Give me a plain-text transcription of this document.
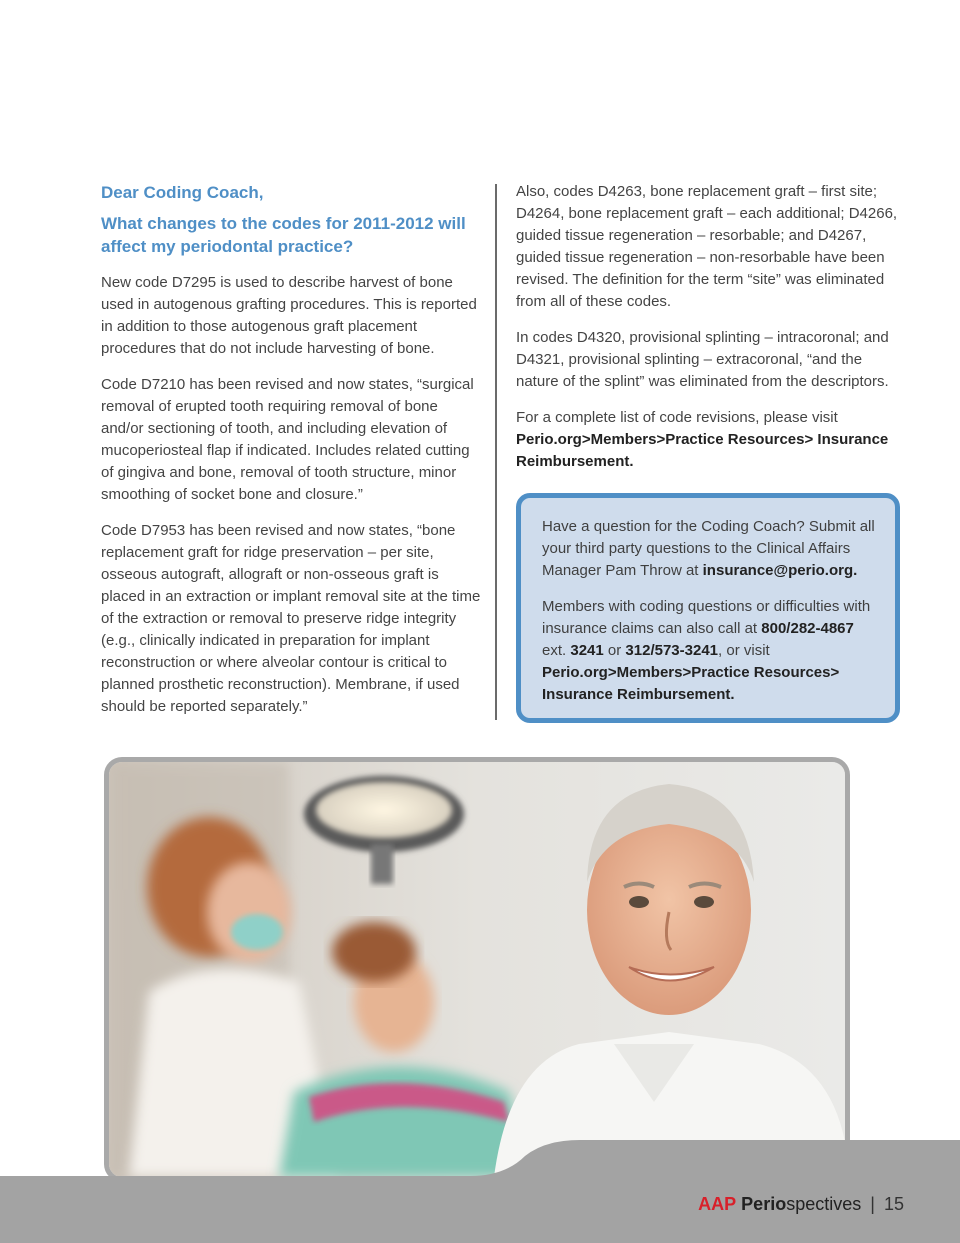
Dear Coding Coach,
What changes to the codes for 2011-2012 will affect my periodontal practice?

New code D7295 is used to describe harvest of bone used in autogenous grafting procedures. This is reported in addition to those autogenous graft placement procedures that do not include harvesting of bone.

Code D7210 has been revised and now states, “surgical removal of erupted tooth requiring removal of bone and/or sectioning of tooth, and including elevation of mucoperiosteal flap if indicated. Includes related cutting of gingiva and bone, removal of tooth structure, minor smoothing of socket bone and closure.”

Code D7953 has been revised and now states, “bone replacement graft for ridge preservation – per site, osseous autograft, allograft or non-osseous graft is placed in an extraction or implant removal site at the time of the extraction or removal to preserve ridge integrity (e.g., clinically indicated in preparation for implant reconstruction or where alveolar contour is critical to planned prosthetic reconstruction). Membrane, if used should be reported separately.”

Also, codes D4263, bone replacement graft – first site; D4264, bone replacement graft – each additional; D4266, guided tissue regeneration – resorbable; and D4267, guided tissue regeneration – non-resorbable have been revised. The definition for the term “site” was eliminated from all of these codes.

In codes D4320, provisional splinting – intracoronal; and D4321, provisional splinting – extracoronal, “and the nature of the splint” was eliminated from the descriptors.

For a complete list of code revisions, please visit
Perio.org>Members>Practice Resources> Insurance Reimbursement.

Have a question for the Coding Coach? Submit all your third party questions to the Clinical Affairs Manager Pam Throw at insurance@perio.org.

Members with coding questions or difficulties with insurance claims can also call at 800/282-4867 ext. 3241 or 312/573-3241, or visit Perio.org>Members>Practice Resources> Insurance Reimbursement.

AAP Periospectives | 15
